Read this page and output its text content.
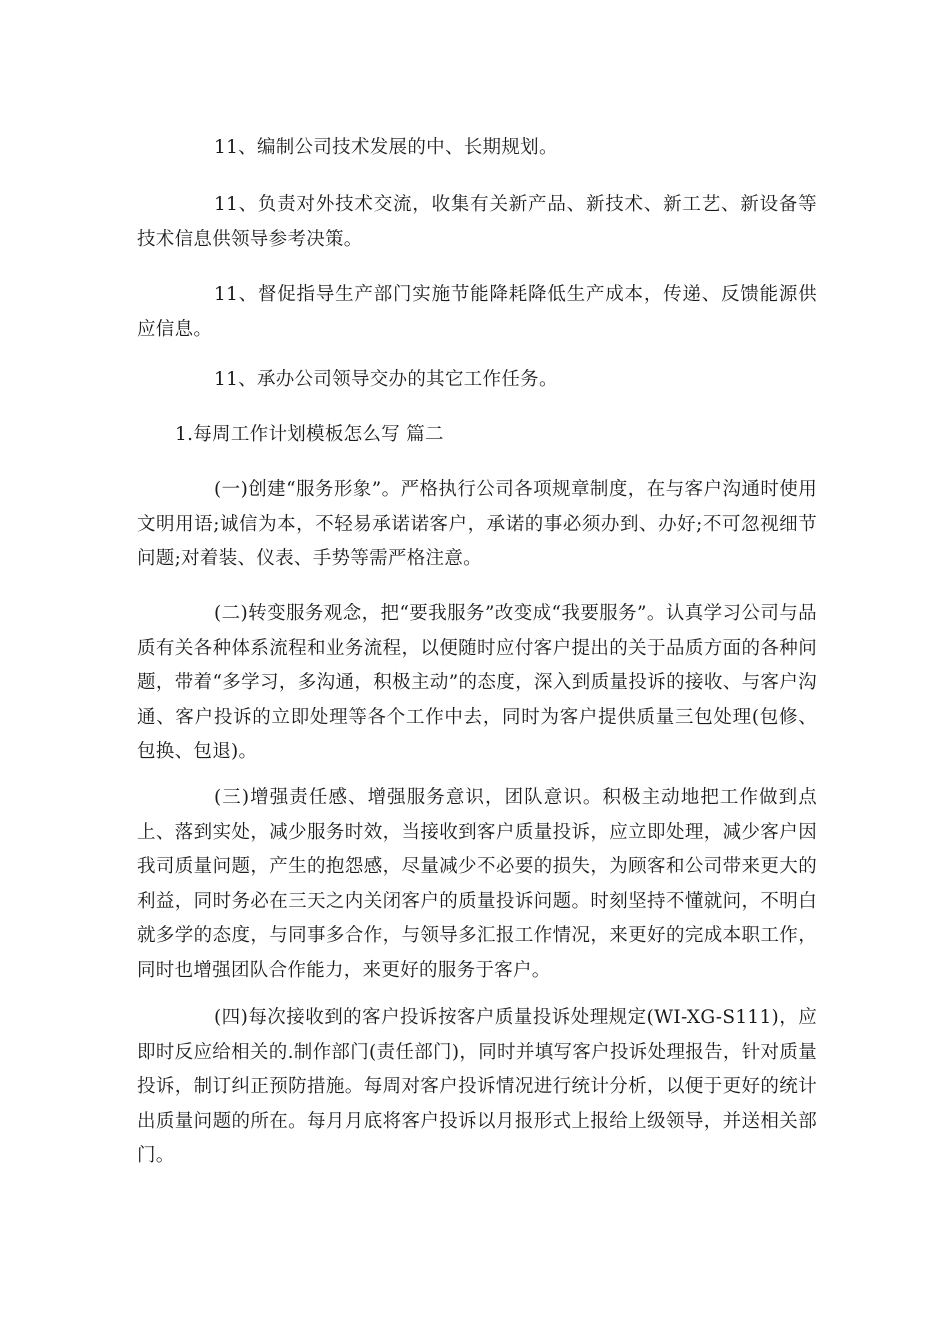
11、编制公司技术发展的中、长期规划。

11、负责对外技术交流，收集有关新产品、新技术、新工艺、新设备等技术信息供领导参考决策。

11、督促指导生产部门实施节能降耗降低生产成本，传递、反馈能源供应信息。

11、承办公司领导交办的其它工作任务。

1.每周工作计划模板怎么写 篇二

(一)创建“服务形象”。严格执行公司各项规章制度，在与客户沟通时使用文明用语;诚信为本，不轻易承诺诺客户，承诺的事必须办到、办好;不可忽视细节问题;对着装、仪表、手势等需严格注意。

(二)转变服务观念，把“要我服务”改变成“我要服务”。认真学习公司与品质有关各种体系流程和业务流程，以便随时应付客户提出的关于品质方面的各种问题，带着“多学习，多沟通，积极主动”的态度，深入到质量投诉的接收、与客户沟通、客户投诉的立即处理等各个工作中去，同时为客户提供质量三包处理(包修、包换、包退)。

(三)增强责任感、增强服务意识，团队意识。积极主动地把工作做到点上、落到实处，减少服务时效，当接收到客户质量投诉，应立即处理，减少客户因我司质量问题，产生的抱怨感，尽量减少不必要的损失，为顾客和公司带来更大的利益，同时务必在三天之内关闭客户的质量投诉问题。时刻坚持不懂就问，不明白就多学的态度，与同事多合作，与领导多汇报工作情况，来更好的完成本职工作，同时也增强团队合作能力，来更好的服务于客户。

(四)每次接收到的客户投诉按客户质量投诉处理规定(WI-XG-S111)，应即时反应给相关的.制作部门(责任部门)，同时并填写客户投诉处理报告，针对质量投诉，制订纠正预防措施。每周对客户投诉情况进行统计分析，以便于更好的统计出质量问题的所在。每月月底将客户投诉以月报形式上报给上级领导，并送相关部门。
